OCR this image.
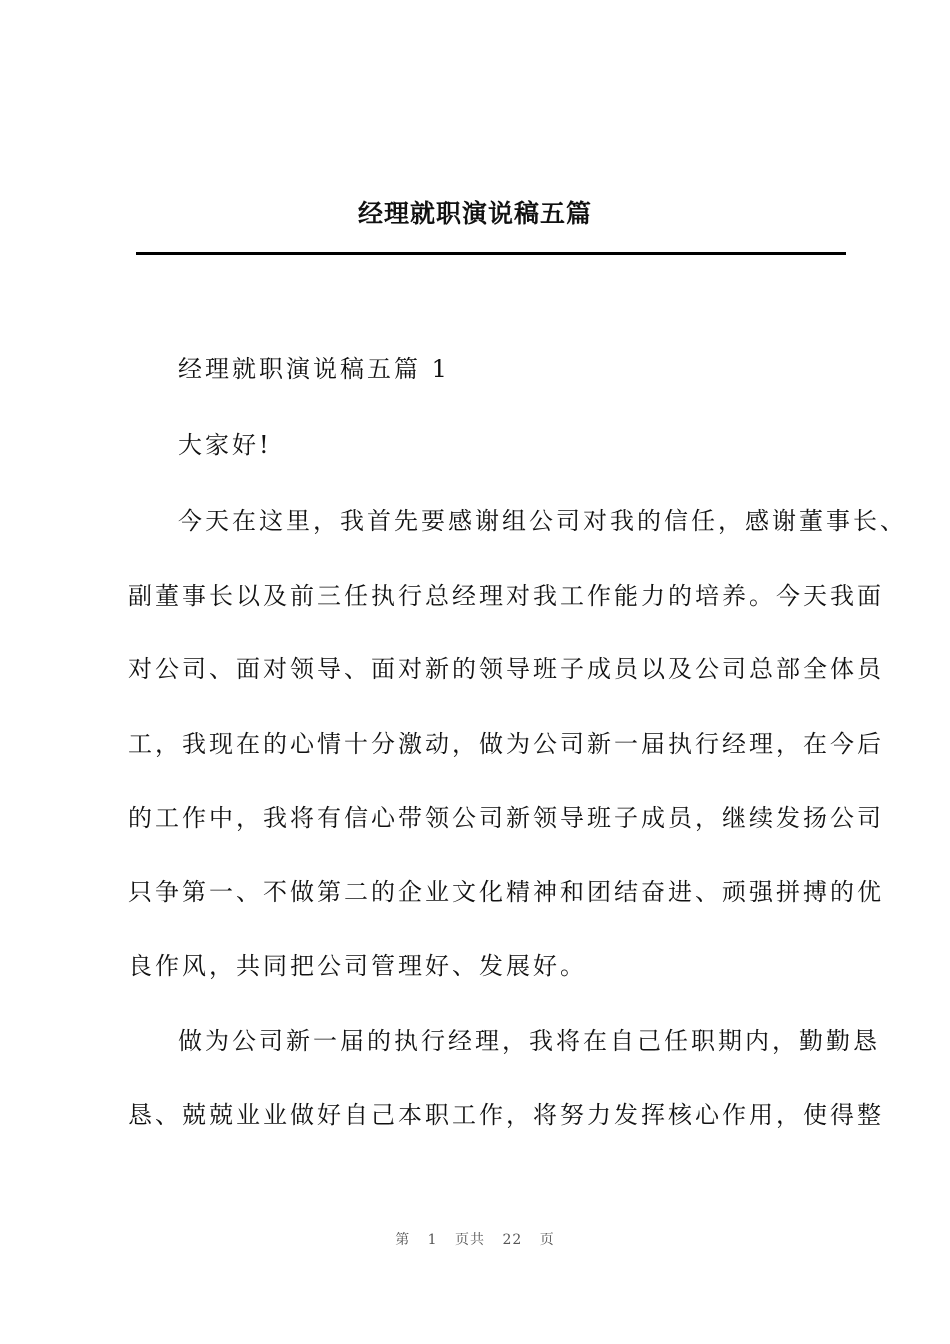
经理就职演说稿五篇
经理就职演说稿五篇 1
大家好!
今天在这里，我首先要感谢组公司对我的信任，感谢董事长、
副董事长以及前三任执行总经理对我工作能力的培养。今天我面
对公司、面对领导、面对新的领导班子成员以及公司总部全体员
工，我现在的心情十分激动，做为公司新一届执行经理，在今后
的工作中，我将有信心带领公司新领导班子成员，继续发扬公司
只争第一、不做第二的企业文化精神和团结奋进、顽强拼搏的优
良作风，共同把公司管理好、发展好。
做为公司新一届的执行经理，我将在自己任职期内，勤勤恳
恳、兢兢业业做好自己本职工作，将努力发挥核心作用，使得整
第 1 页共 22 页
